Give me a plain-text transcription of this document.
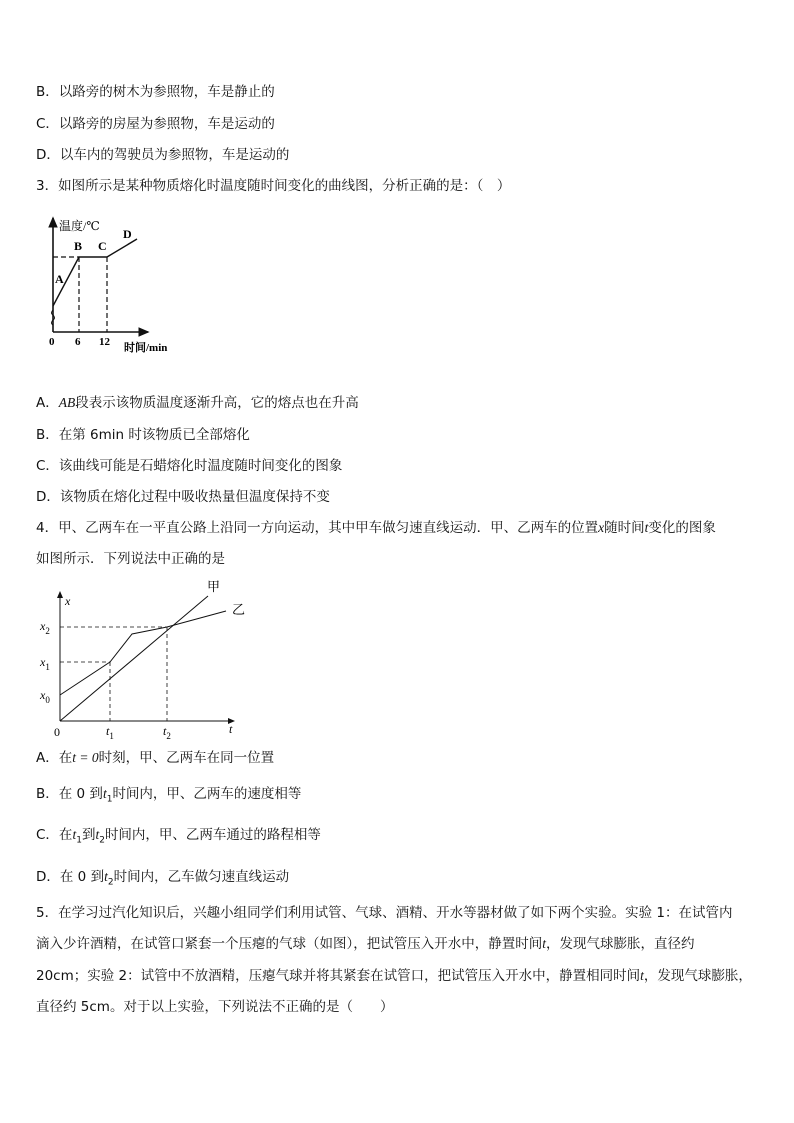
B．以路旁的树木为参照物，车是静止的
C．以路旁的房屋为参照物，车是运动的
D．以车内的驾驶员为参照物，车是运动的
3．如图所示是某种物质熔化时温度随时间变化的曲线图，分析正确的是：（　）
温度/℃
A
B C
D
0 6 12 时间/min
A．AB段表示该物质温度逐渐升高，它的熔点也在升高
B．在第 6min 时该物质已全部熔化
C．该曲线可能是石蜡熔化时温度随时间变化的图象
D．该物质在熔化过程中吸收热量但温度保持不变
4．甲、乙两车在一平直公路上沿同一方向运动，其中甲车做匀速直线运动．甲、乙两车的位置x随时间t变化的图象
如图所示．下列说法中正确的是
甲
乙
x
t
0
$x_2$
$x_1$
$x_0$
$t_1$	$t_2$
A．在t = 0时刻，甲、乙两车在同一位置
B．在 0 到$t_1$时间内，甲、乙两车的速度相等
C．在$t_1$到$t_2$时间内，甲、乙两车通过的路程相等
D．在 0 到$t_2$时间内，乙车做匀速直线运动
5．在学习过汽化知识后，兴趣小组同学们利用试管、气球、酒精、开水等器材做了如下两个实验。实验 1：在试管内
滴入少许酒精，在试管口紧套一个压瘪的气球（如图），把试管压入开水中，静置时间t，发现气球膨胀，直径约
20cm；实验 2：试管中不放酒精，压瘪气球并将其紧套在试管口，把试管压入开水中，静置相同时间t，发现气球膨胀，
直径约 5cm。对于以上实验，下列说法不正确的是（　　）
